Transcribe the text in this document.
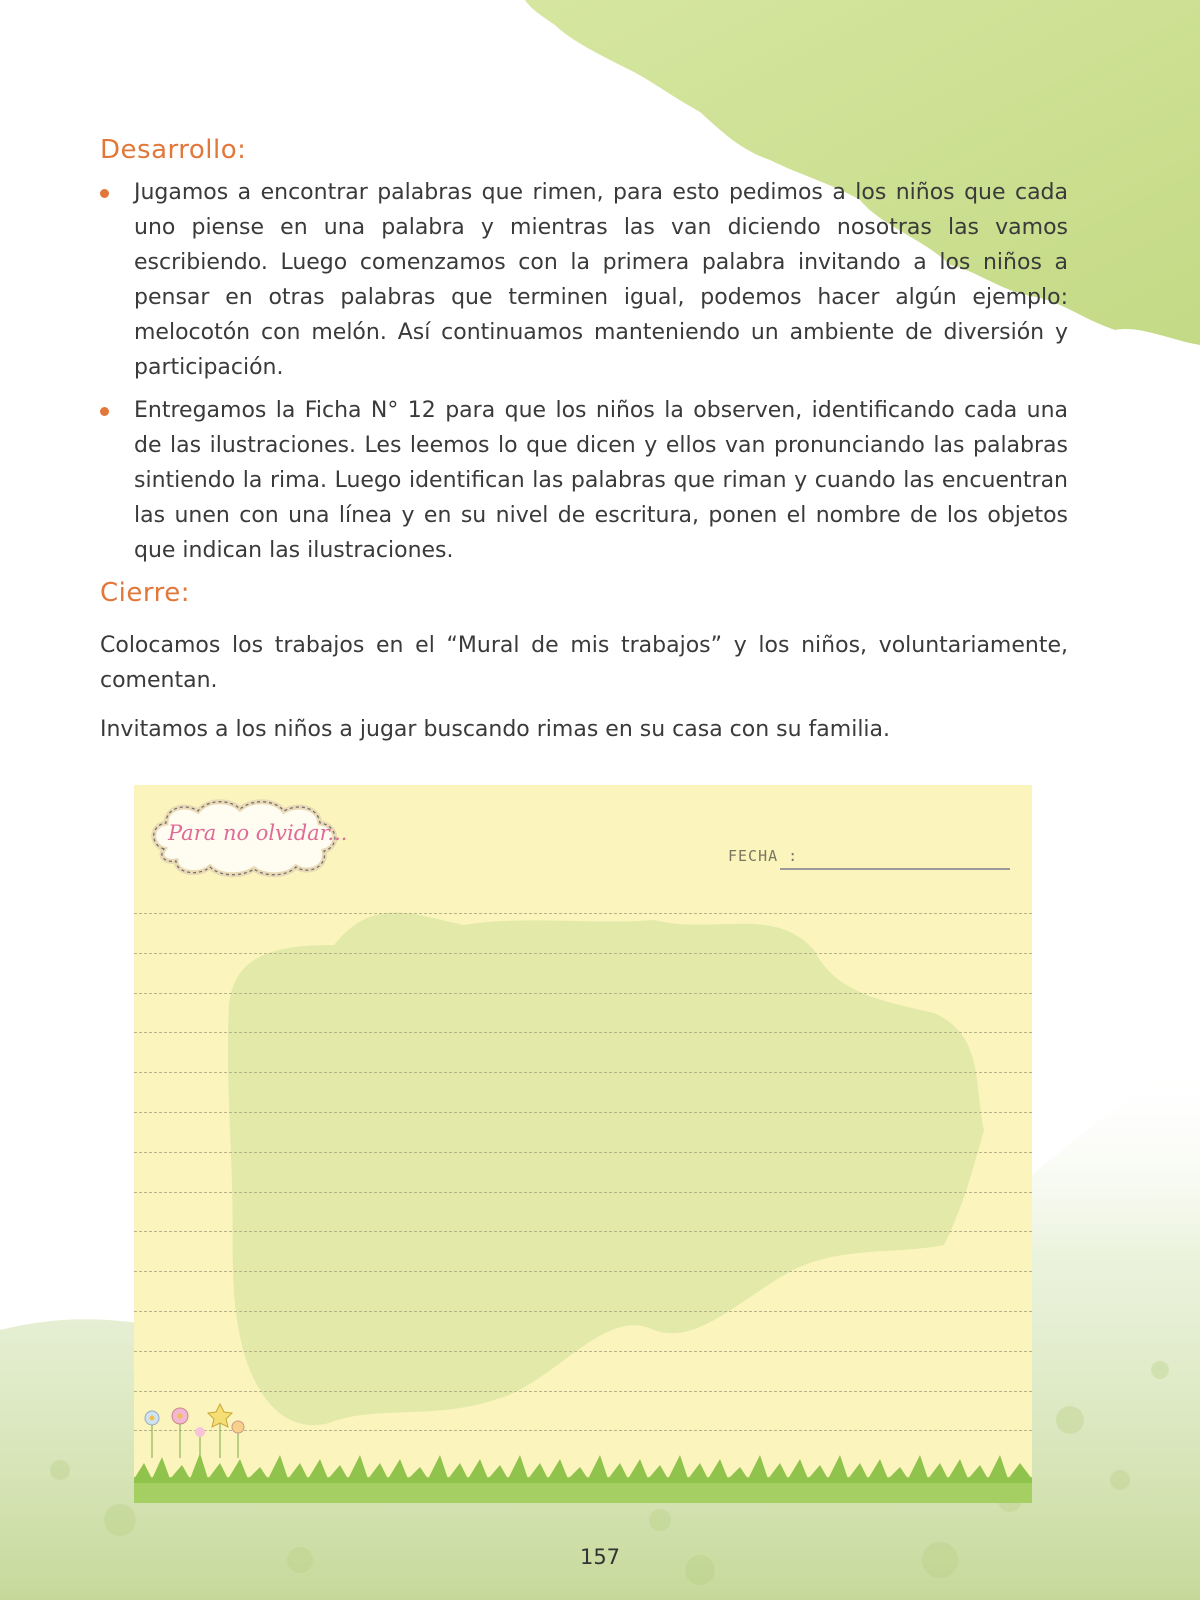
Desarrollo:
Jugamos a encontrar palabras que rimen, para esto pedimos a los niños que cada uno piense en una palabra y mientras las van diciendo nosotras las vamos escribiendo. Luego comenzamos con la primera palabra invitando a los niños a pensar en otras palabras que terminen igual, podemos hacer algún ejemplo: melocotón con melón. Así continuamos manteniendo un ambiente de diversión y participación.
Entregamos la Ficha N° 12 para que los niños la observen, identificando cada una de las ilustraciones. Les leemos lo que dicen y ellos van pronunciando las palabras sintiendo la rima. Luego identifican las palabras que riman y cuando las encuentran las unen con una línea y en su nivel de escritura, ponen el nombre de los objetos que indican las ilustraciones.
Cierre:

Colocamos los trabajos en el “Mural de mis trabajos” y los niños, voluntariamente, comentan.

Invitamos a los niños a jugar buscando rimas en su casa con su familia.

Para no olvidar...
FECHA :
157
